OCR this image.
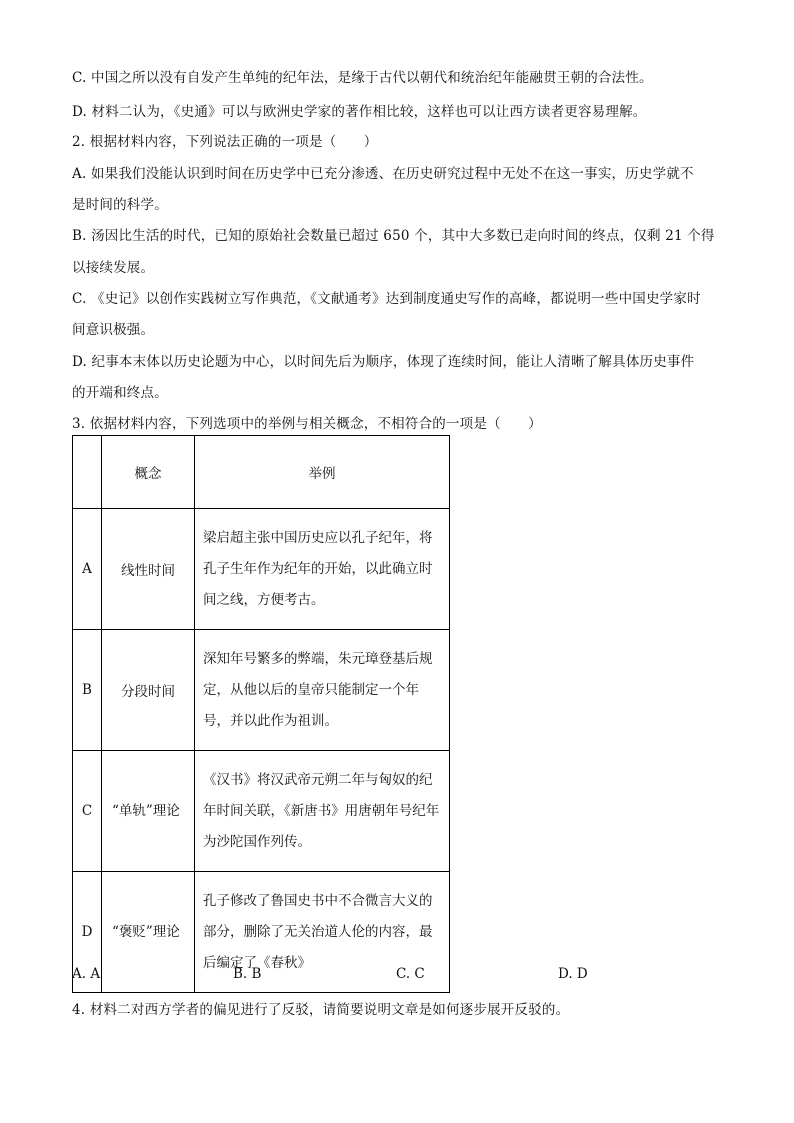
C. 中国之所以没有自发产生单纯的纪年法，是缘于古代以朝代和统治纪年能融贯王朝的合法性。
D. 材料二认为，《史通》可以与欧洲史学家的著作相比较，这样也可以让西方读者更容易理解。
2. 根据材料内容，下列说法正确的一项是（　　）
A. 如果我们没能认识到时间在历史学中已充分渗透、在历史研究过程中无处不在这一事实，历史学就不
是时间的科学。
B. 汤因比生活的时代，已知的原始社会数量已超过 650 个，其中大多数已走向时间的终点，仅剩 21 个得
以接续发展。
C. 《史记》以创作实践树立写作典范，《文献通考》达到制度通史写作的高峰，都说明一些中国史学家时
间意识极强。
D. 纪事本末体以历史论题为中心，以时间先后为顺序，体现了连续时间，能让人清晰了解具体历史事件
的开端和终点。
3. 依据材料内容，下列选项中的举例与相关概念，不相符合的一项是（　　）
	概念	举例
A	线性时间	梁启超主张中国历史应以孔子纪年，将孔子生年作为纪年的开始，以此确立时间之线，方便考古。
B	分段时间	深知年号繁多的弊端，朱元璋登基后规定，从他以后的皇帝只能制定一个年号，并以此作为祖训。
C	“单轨”理论	《汉书》将汉武帝元朔二年与匈奴的纪年时间关联，《新唐书》用唐朝年号纪年为沙陀国作列传。
D	“褒贬”理论	孔子修改了鲁国史书中不合微言大义的部分，删除了无关治道人伦的内容，最后编定了《春秋》
A. A	B. B	C. C	D. D
4. 材料二对西方学者的偏见进行了反驳，请简要说明文章是如何逐步展开反驳的。
